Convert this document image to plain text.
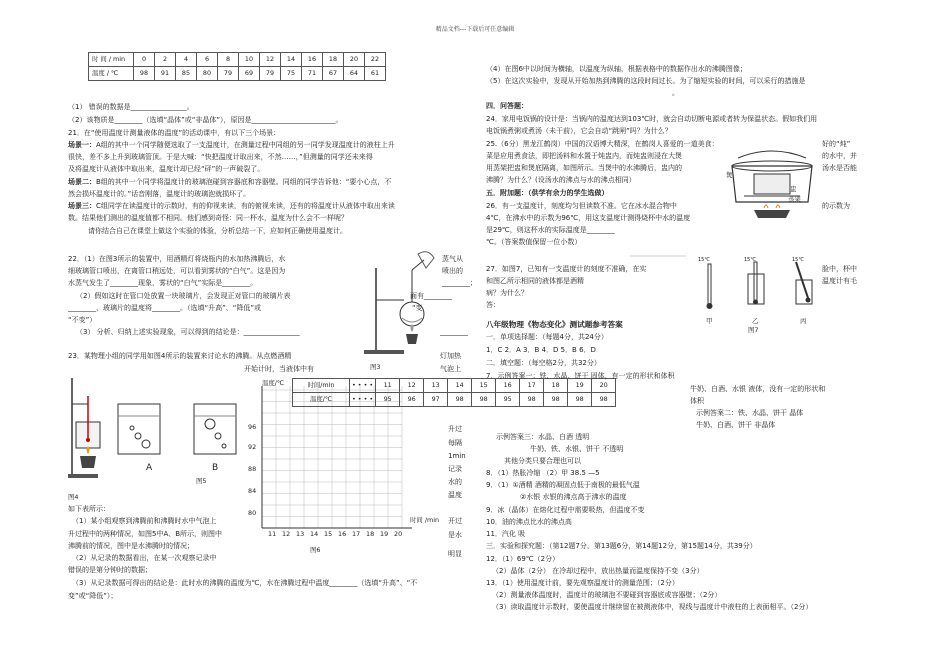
精品文档---下载后可任意编辑
时 间 / min	0	2	4	6	8	10	12	14	16	18	20	22
温度 / ℃	98	91	85	80	79	69	79	75	71	67	64	61
（1） 错误的数据是________________。
（2）该物质是________（选填“晶体”或“非晶体”），原因是________________________。
21．在“使用温度计测量液体的温度”的活动课中，有以下三个场景：
场景一：A组的其中一个同学随便选取了一支温度计，在测量过程中同组的另一同学发现温度计的液柱上升
很快，差不多上升到玻璃管顶。于是大喊：“快把温度计取出来，不然……，”但测量的同学还未来得
及将温度计从液体中取出来，温度计却已经“砰”的一声破裂了。
场景二：B组的其中一个同学将温度计的玻璃泡碰到容器底和容器壁。同组的同学告诉他：“要小心点，不
然会损坏温度计的。”话音刚落，温度计的玻璃泡就损坏了。
场景三：C组同学在读温度计的示数时，有的仰视来读，有的俯视来读，还有的将温度计从液体中取出来读
数。结果他们测出的温度值都不相同。他们感到奇怪：同一杯水，温度为什么会不一样呢？
请你结合自己在课堂上做这个实验的体验，分析总结一下，应如何正确使用温度计。
22．（1）在图3所示的装置中，用酒精灯将烧瓶内的水加热沸腾后，水
细玻璃管口喷出，在离管口稍远处，可以看到雾状的“白气”。这是因为
水蒸气发生了________现象，雾状的“白气”实际是________。
（2）假如这时在管口处放置一块玻璃片，会发现正对管口的玻璃片表
________，玻璃片的温度将________。（选填“升高”、“降低”或
“不变”）
（3） 分析、归纳上述实验现象，可以得到的结论是：________________
23．某物理小组的同学用如图4所示的装置来讨论水的沸腾。从点燃酒精
开始计时，当液体中有
蒸气从
喷出的
________；
面有________
“变
________
灯加热
气泡上
图3
图4
A	B
图5
温度/℃
时间 /min
96
92
88
84
80
11 12 13 14 15 16 17 18 19 20
图6
时间/min	• • • •	11	12	13	14	15	16	17	18	19	20
温度/℃	• • • •	95	96	97	98	98	95	98	98	98	98
升过
每隔
1min
记录
水的
温度
开过
是水
明显
如下表所示：
（1）某小组观察到沸腾前和沸腾时水中气泡上
升过程中的两种情况，如图5中A、B所示，则图中
沸腾前的情况，图中是水沸腾时的情况；
（2）从记录的数据看出，在某一次观察记录中
错误的是第分钟时的数据；
（3）从记录数据可得出的结论是：此时水的沸腾的温度为℃，水在沸腾过程中温度________（选填“升高”、“不
变”或“降低”）；
（4）在图6中以时间为横轴，以温度为纵轴，根据表格中的数据作出水的沸腾图像；
（5）在这次实验中，发现从开始加热到沸腾的这段时间过长。为了缩短实验的时间，可以采行的措施是
。
四．问答题：
24．家用电饭锅的设计是：当锅内的温度达到103℃时，就会自动切断电源或者转为保温状态。假如我们用
电饭锅煮粥或煮汤（未干前），它会自动“跳闸”吗？为什么？
25.（6分）黑龙江鹤岗）中国的汉语博大精深，在鹤岗人喜爱的一道美食：	好的“炖”
菜是应用煮食法，即把汤料和水置于炖盅内，而炖盅则浸在大煲	的水中，并
用蒸架把盅和煲底隔离，如图所示。当煲中的水沸腾后，盅内的	汤水是否能
沸腾？为什么？(设汤水的沸点与水的沸点相同）
五．附加题：（供学有余力的学生选做）
26．有一支温度计，刻度均匀但读数不准。它在冰水混合物中
4℃，在沸水中的示数为96℃，用这支温度计测得烧杯中水的温度
的示数为
是29℃，则这杯水的实际温度是________
℃。（答案数值保留一位小数）
煲
盅
蒸架
27．如图7，已知有一支温度计的刻度不准确，在实	脸中，杯中
和图乙所示相同的液体都是酒精	温度计有毛
病？为什么？
答：
15℃	15℃	15℃
甲	乙	丙
图7
八年级物理《物态变化》测试题参考答案
一．单项选择题：（每题4分，共24分）
1．C 2．A 3．B 4．D 5．B 6．D
二．填空题：（每空格2分，共32分）
7．示例答案一：铁、水晶、饼干 固体，有一定的形状和体积
牛奶、白酒、水银 液体，没有一定的形状和
体积
示例答案二：铁、水晶、饼干 晶体
牛奶、白酒、饼干 非晶体
示例答案三：水晶、白酒 透明
牛奶、铁、水银、饼干 不透明
其他分类只要合理也可以
8．（1）热胀冷缩 （2）甲 38.5 —5
9．（1）①酒精 酒精的凝固点低于南极的最低气温
②水银 水银的沸点高于沸水的温度
9．冰（晶体）在熔化过程中需要吸热，但温度不变
10．油的沸点比水的沸点高
11．汽化 吸
三．实验和探究题：（第12题7分，第13题6分，第14题12分，第15题14分，共39分）
12．（1）69℃（2分）
（2）晶体（2分） 在冷却过程中，放出热量而温度保持不变（3分）
13．（1）使用温度计前，要先观察温度计的测量范围；（2分）
（2）测量液体温度时，温度计的玻璃泡不要碰到容器底或容器壁；（2分）
（3）读取温度计示数时，要使温度计继续留在被测液体中，视线与温度计中液柱的上表面相平。（2分）
